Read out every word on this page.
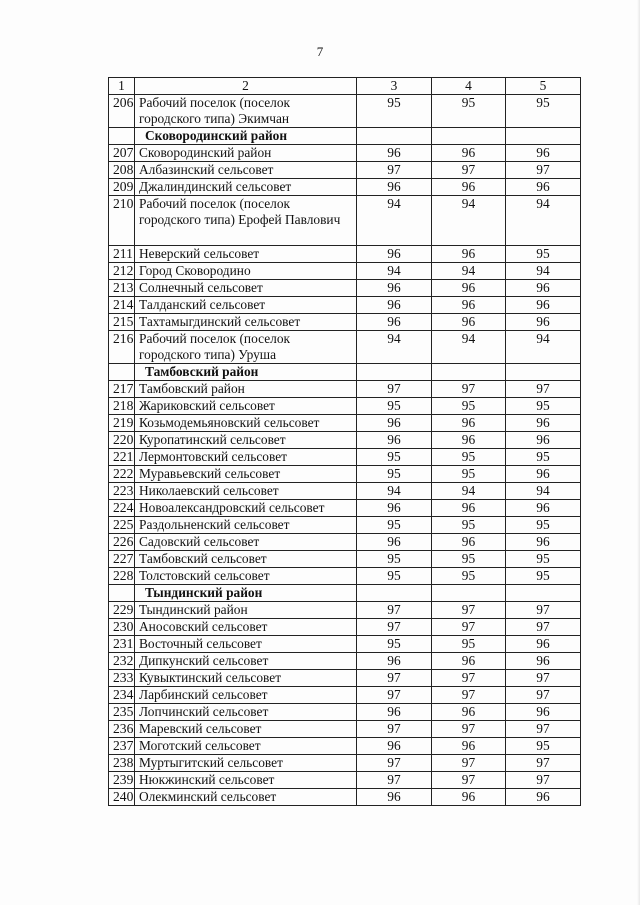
7
1	2	3	4	5
206	Рабочий поселок (поселок городского типа) Экимчан	95	95	95
	Сковородинский район			
207	Сковородинский район	96	96	96
208	Албазинский сельсовет	97	97	97
209	Джалиндинский сельсовет	96	96	96
210	Рабочий поселок (поселок городского типа) Ерофей Павлович	94	94	94
211	Неверский сельсовет	96	96	95
212	Город Сковородино	94	94	94
213	Солнечный сельсовет	96	96	96
214	Талданский сельсовет	96	96	96
215	Тахтамыгдинский сельсовет	96	96	96
216	Рабочий поселок (поселок городского типа) Уруша	94	94	94
	Тамбовский район			
217	Тамбовский район	97	97	97
218	Жариковский сельсовет	95	95	95
219	Козьмодемьяновский сельсовет	96	96	96
220	Куропатинский сельсовет	96	96	96
221	Лермонтовский сельсовет	95	95	95
222	Муравьевский сельсовет	95	95	96
223	Николаевский сельсовет	94	94	94
224	Новоалександровский сельсовет	96	96	96
225	Раздольненский сельсовет	95	95	95
226	Садовский сельсовет	96	96	96
227	Тамбовский сельсовет	95	95	95
228	Толстовский сельсовет	95	95	95
	Тындинский район			
229	Тындинский район	97	97	97
230	Аносовский сельсовет	97	97	97
231	Восточный сельсовет	95	95	96
232	Дипкунский сельсовет	96	96	96
233	Кувыктинский сельсовет	97	97	97
234	Ларбинский сельсовет	97	97	97
235	Лопчинский сельсовет	96	96	96
236	Маревский сельсовет	97	97	97
237	Моготский сельсовет	96	96	95
238	Муртыгитский сельсовет	97	97	97
239	Нюкжинский сельсовет	97	97	97
240	Олекминский сельсовет	96	96	96
